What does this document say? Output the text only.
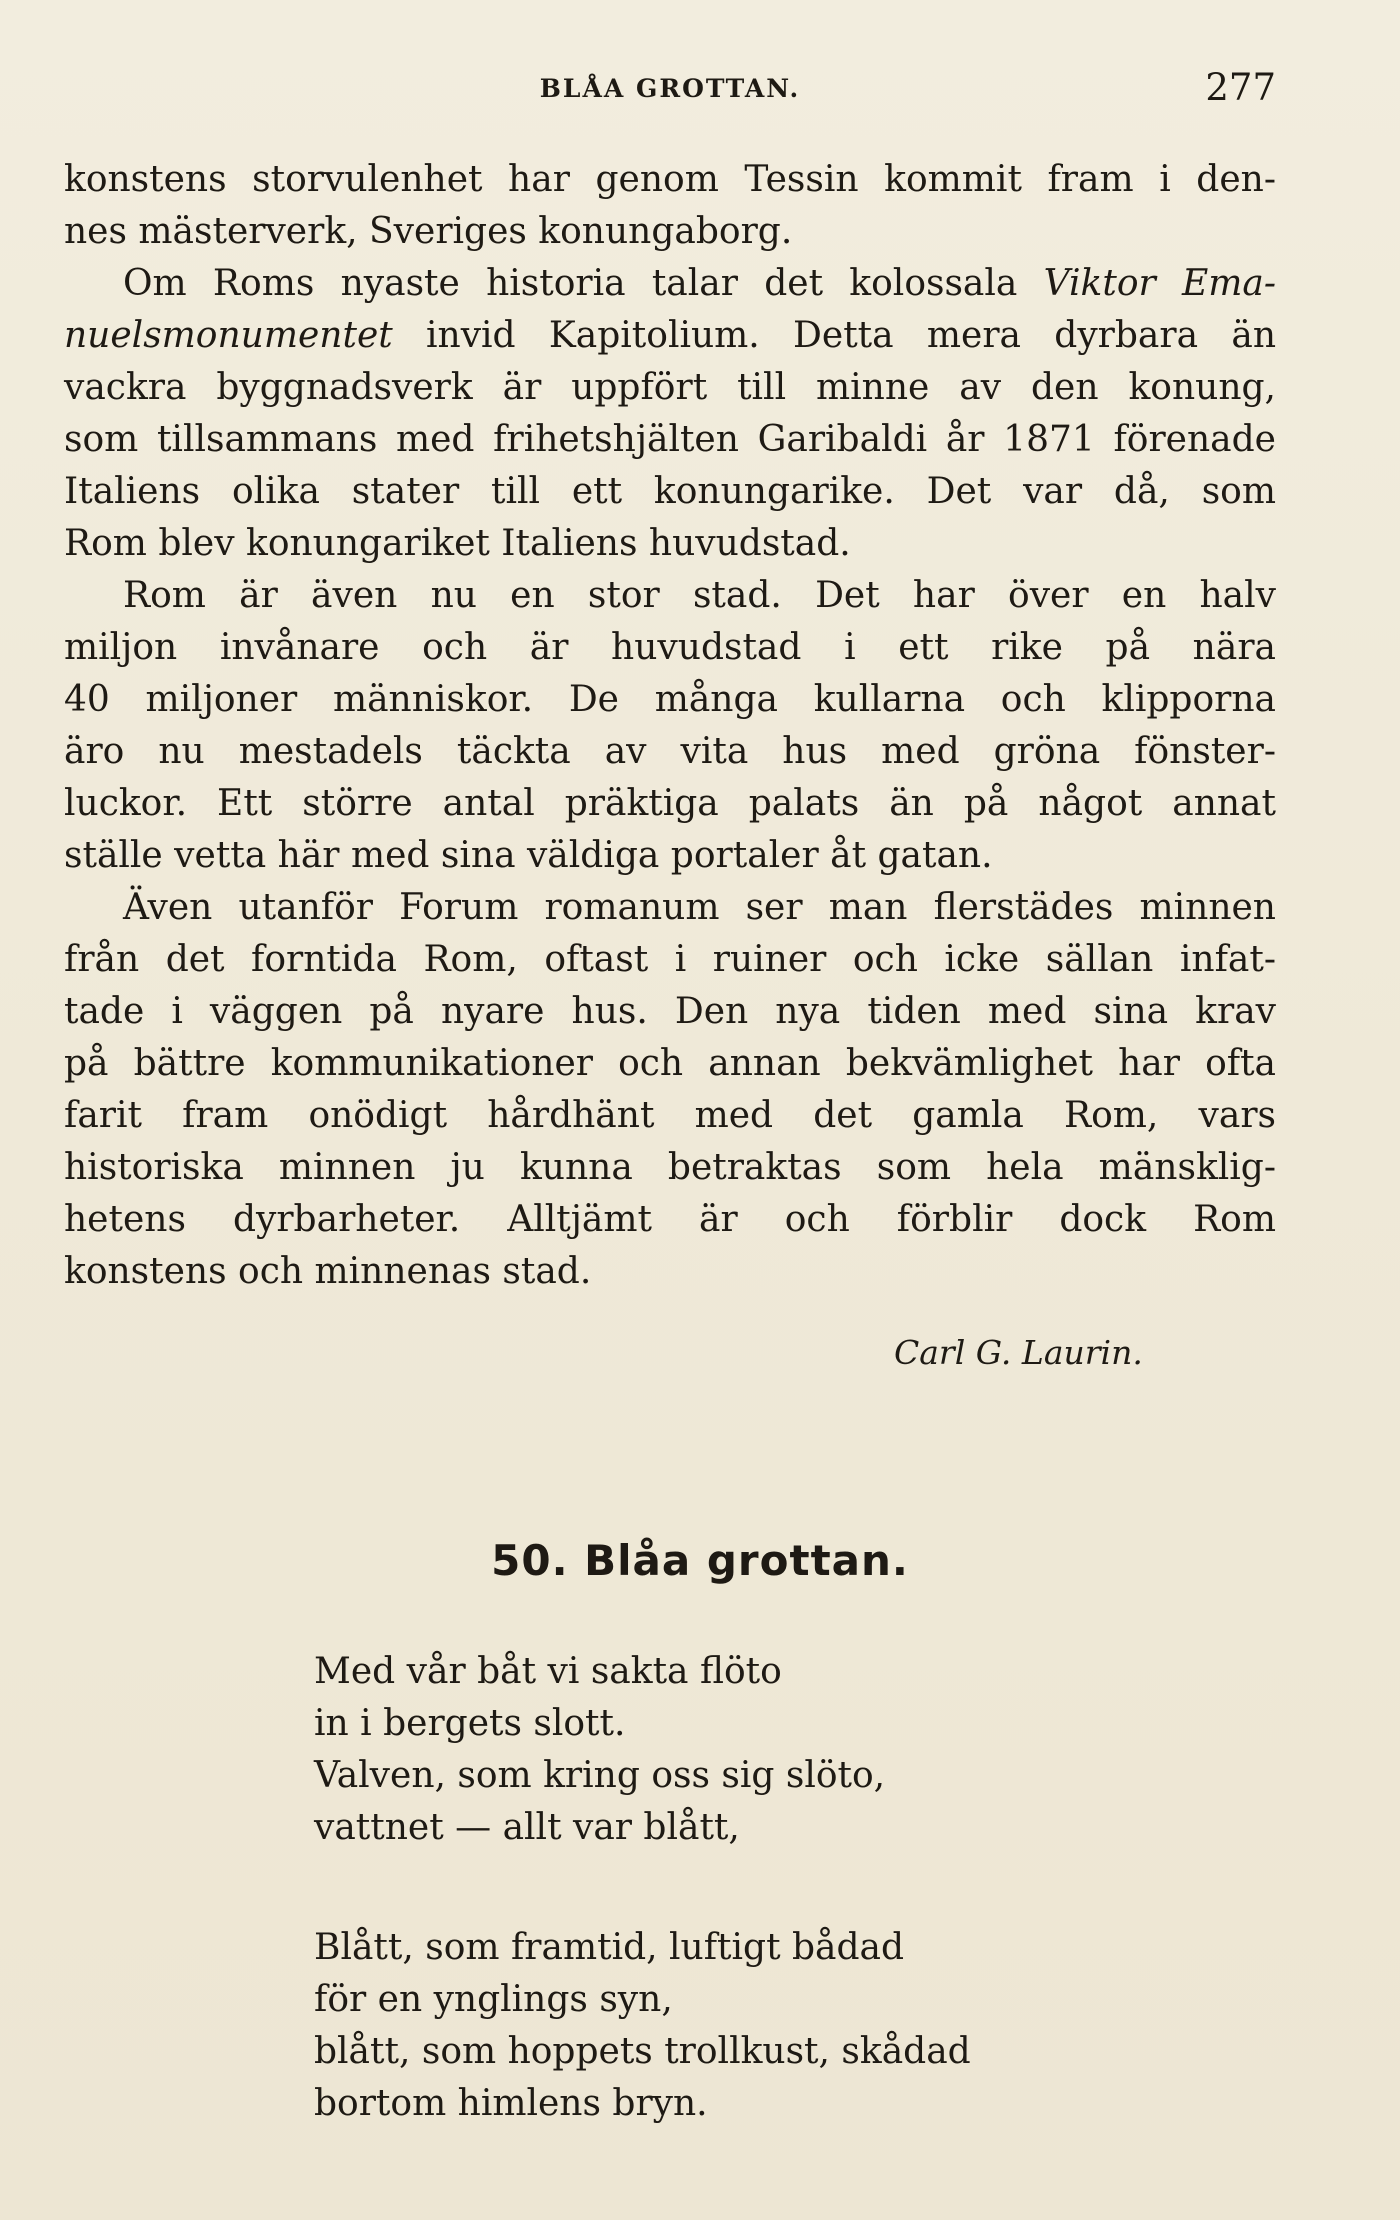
BLÅA GROTTAN.	277
konstens storvulenhet har genom Tessin kommit fram i den-
nes mästerverk, Sveriges konungaborg.
Om Roms nyaste historia talar det kolossala Viktor Ema-
nuelsmonumentet invid Kapitolium. Detta mera dyrbara än
vackra byggnadsverk är uppfört till minne av den konung,
som tillsammans med frihetshjälten Garibaldi år 1871 förenade
Italiens olika stater till ett konungarike. Det var då, som
Rom blev konungariket Italiens huvudstad.
Rom är även nu en stor stad. Det har över en halv
miljon invånare och är huvudstad i ett rike på nära
40 miljoner människor. De många kullarna och klipporna
äro nu mestadels täckta av vita hus med gröna fönster-
luckor. Ett större antal präktiga palats än på något annat
ställe vetta här med sina väldiga portaler åt gatan.
Även utanför Forum romanum ser man flerstädes minnen
från det forntida Rom, oftast i ruiner och icke sällan infat-
tade i väggen på nyare hus. Den nya tiden med sina krav
på bättre kommunikationer och annan bekvämlighet har ofta
farit fram onödigt hårdhänt med det gamla Rom, vars
historiska minnen ju kunna betraktas som hela mänsklig-
hetens dyrbarheter. Alltjämt är och förblir dock Rom
konstens och minnenas stad.
Carl G. Laurin.
50. Blåa grottan.
Med vår båt vi sakta flöto
in i bergets slott.
Valven, som kring oss sig slöto,
vattnet — allt var blått,
Blått, som framtid, luftigt bådad
för en ynglings syn,
blått, som hoppets trollkust, skådad
bortom himlens bryn.
